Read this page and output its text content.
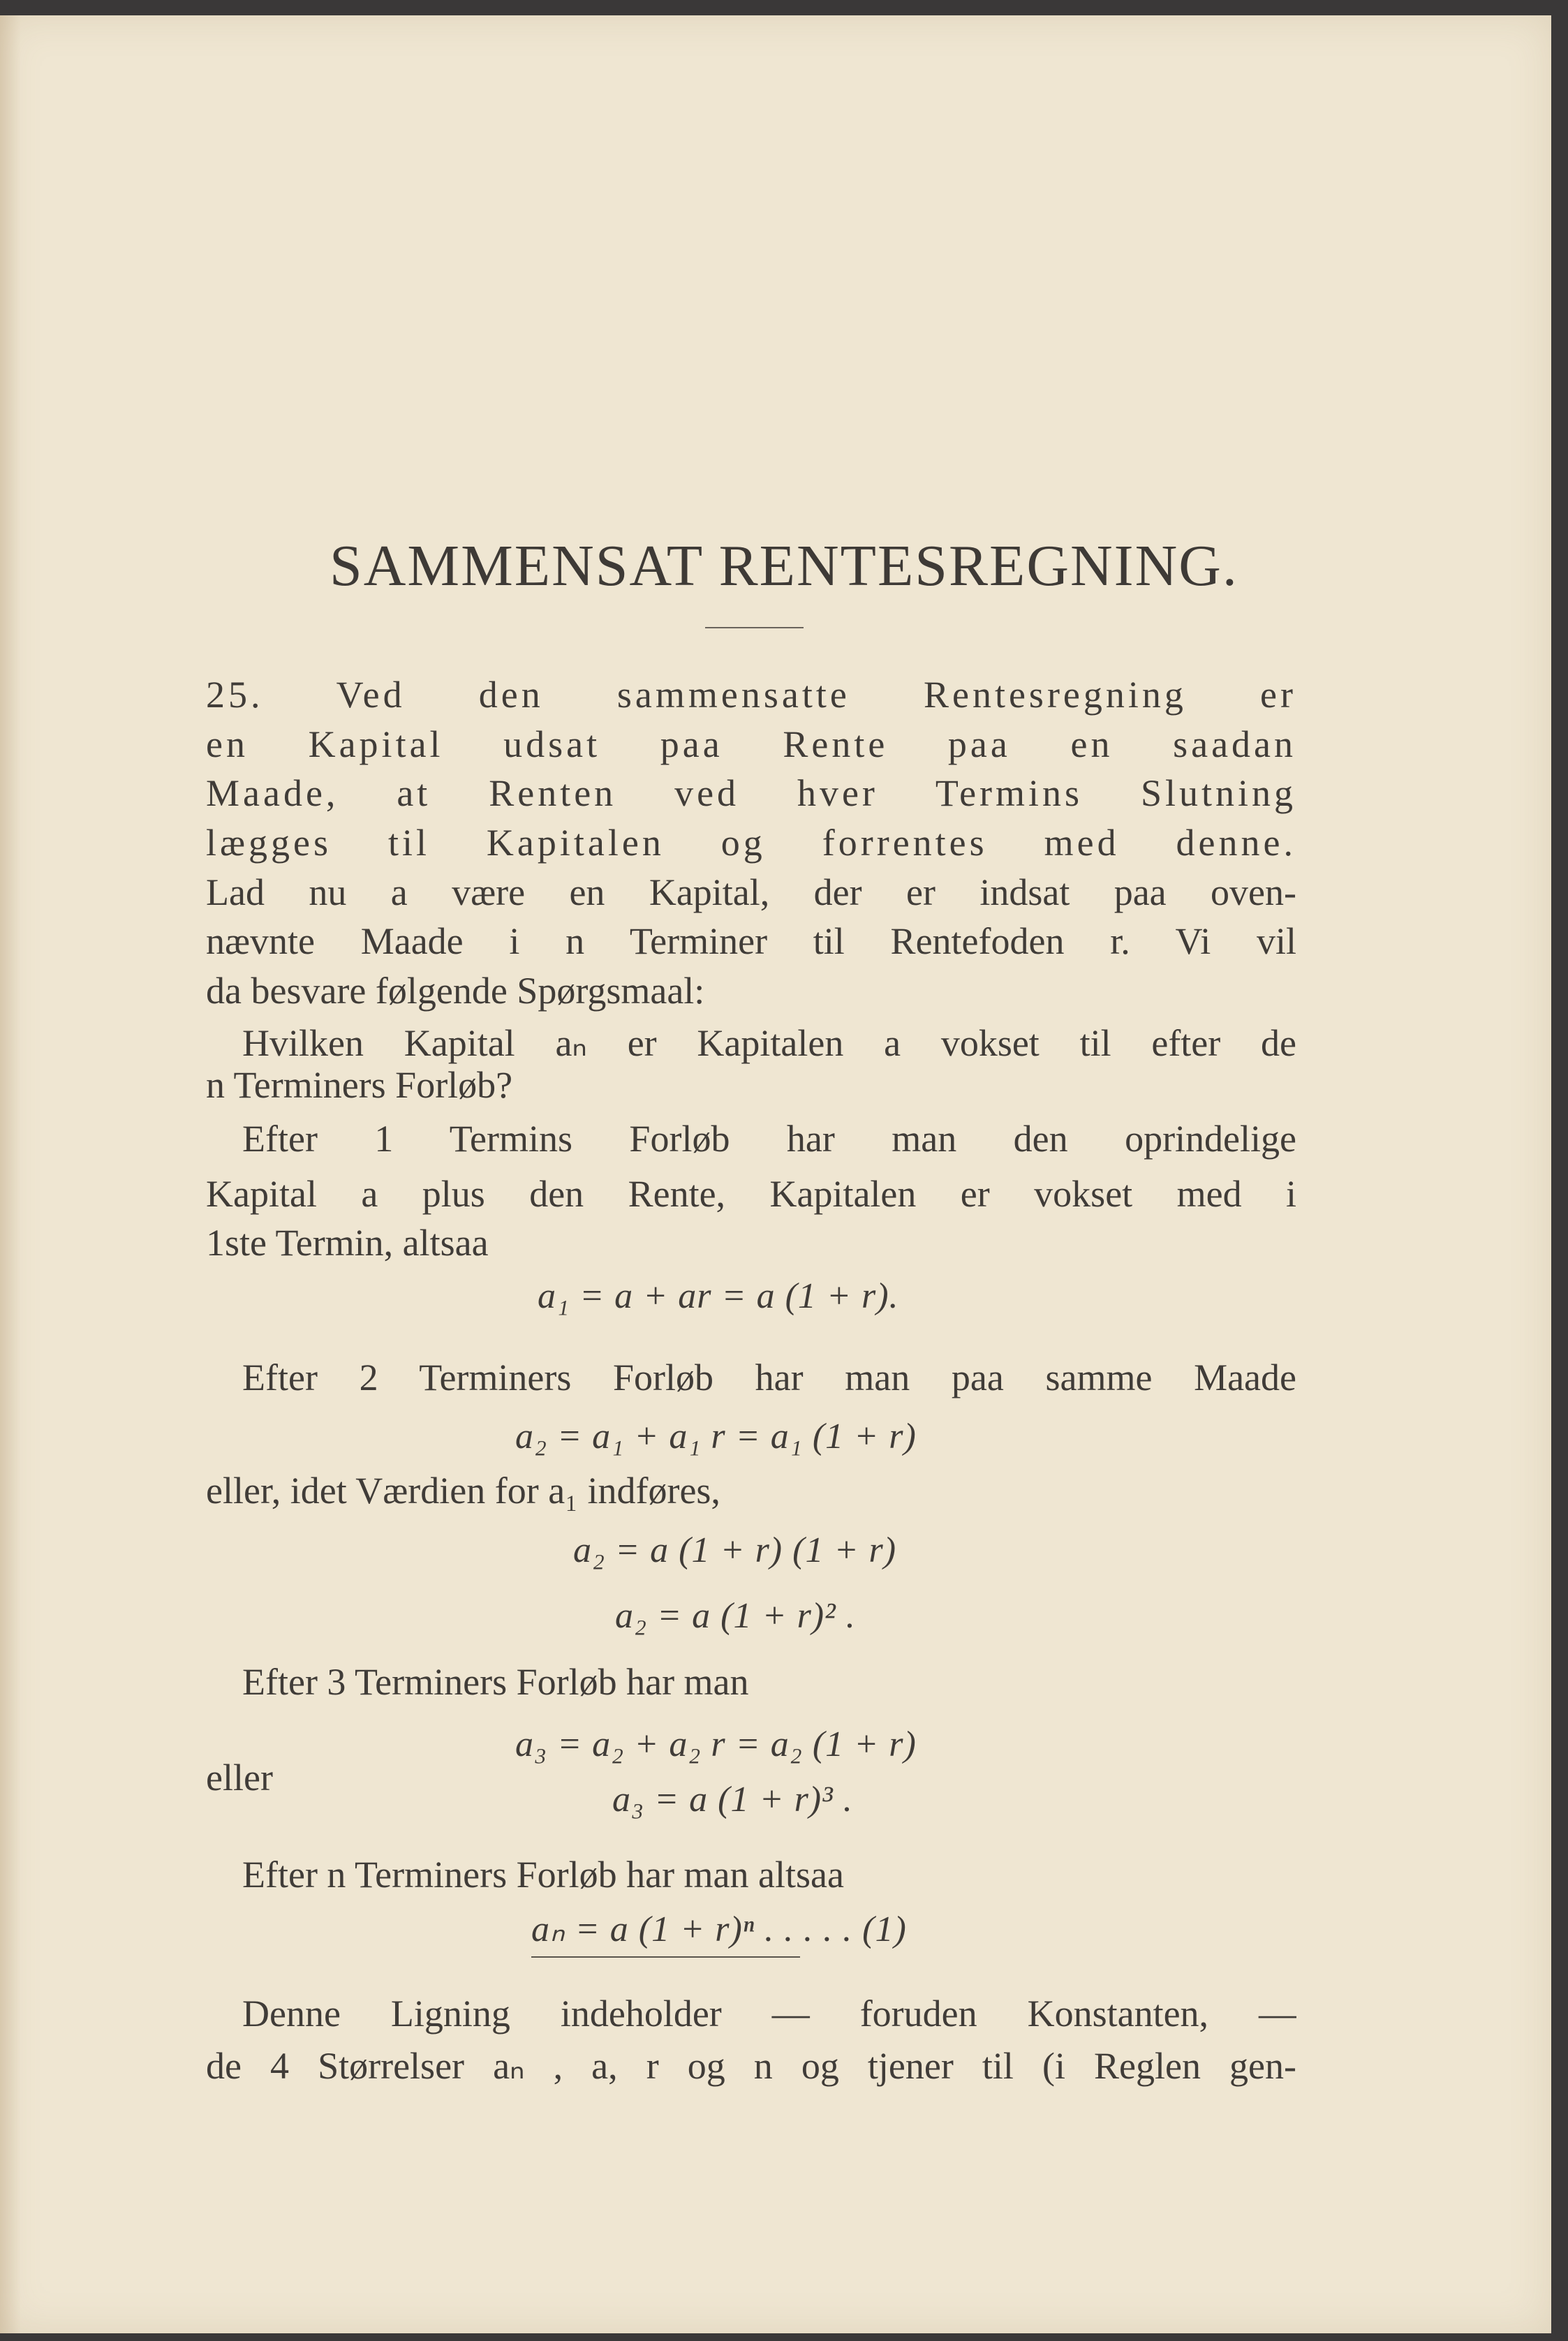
SAMMENSAT RENTESREGNING.
25. Ved den sammensatte Rentesregning er
en Kapital udsat paa Rente paa en saadan
Maade, at Renten ved hver Termins Slutning
lægges til Kapitalen og forrentes med denne.
Lad nu a være en Kapital, der er indsat paa oven-
nævnte Maade i n Terminer til Rentefoden r. Vi vil
da besvare følgende Spørgsmaal:
Hvilken Kapital aₙ er Kapitalen a vokset til efter de
n Terminers Forløb?
Efter 1 Termins Forløb har man den oprindelige
Kapital a plus den Rente, Kapitalen er vokset med i
1ste Termin, altsaa
a₁ = a + ar = a (1 + r).
Efter 2 Terminers Forløb har man paa samme Maade
a₂ = a₁ + a₁ r = a₁ (1 + r)
eller, idet Værdien for a₁ indføres,
a₂ = a (1 + r) (1 + r)
a₂ = a (1 + r)² .
Efter 3 Terminers Forløb har man
a₃ = a₂ + a₂ r = a₂ (1 + r)
eller
a₃ = a (1 + r)³ .
Efter n Terminers Forløb har man altsaa
aₙ = a (1 + r)ⁿ . . . . . (1)
Denne Ligning indeholder — foruden Konstanten, —
de 4 Størrelser aₙ , a, r og n og tjener til (i Reglen gen-
